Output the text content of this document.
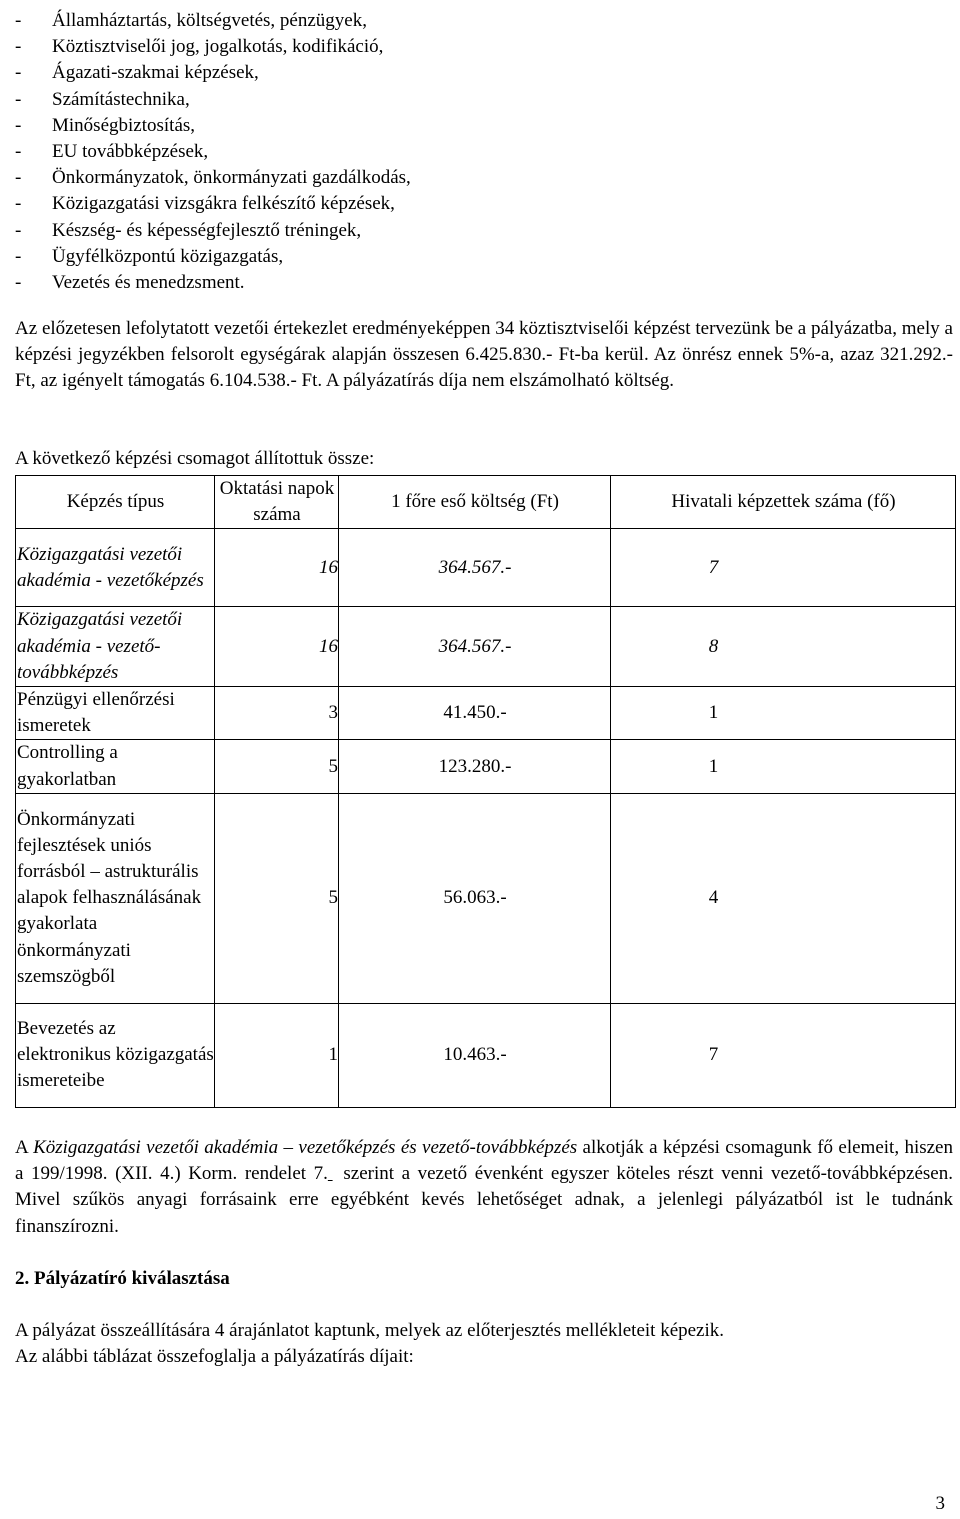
- Államháztartás, költségvetés, pénzügyek,
- Köztisztviselői jog, jogalkotás, kodifikáció,
- Ágazati-szakmai képzések,
- Számítástechnika,
- Minőségbiztosítás,
- EU továbbképzések,
- Önkormányzatok, önkormányzati gazdálkodás,
- Közigazgatási vizsgákra felkészítő képzések,
- Készség- és képességfejlesztő tréningek,
- Ügyfélközpontú közigazgatás,
- Vezetés és menedzsment.

Az előzetesen lefolytatott vezetői értekezlet eredményeképpen 34 köztisztviselői képzést tervezünk be a pályázatba, mely a képzési jegyzékben felsorolt egységárak alapján összesen 6.425.830.- Ft-ba kerül. Az önrész ennek 5%-a, azaz 321.292.- Ft, az igényelt támogatás 6.104.538.- Ft. A pályázatírás díja nem elszámolható költség.

A következő képzési csomagot állítottuk össze:

Képzés típus	Oktatási napok száma	1 főre eső költség (Ft)	Hivatali képzettek száma (fő)
Közigazgatási vezetői akadémia - vezetőképzés	16	364.567.-	7
Közigazgatási vezetői akadémia - vezető-továbbképzés	16	364.567.-	8
Pénzügyi ellenőrzési ismeretek	3	41.450.-	1
Controlling a gyakorlatban	5	123.280.-	1
Önkormányzati fejlesztések uniós forrásból – astrukturális alapok felhasználásának gyakorlata önkormányzati szemszögből	5	56.063.-	4
Bevezetés az elektronikus közigazgatás ismereteibe	1	10.463.-	7

A Közigazgatási vezetői akadémia – vezetőképzés és vezető-továbbképzés alkotják a képzési csomagunk fő elemeit, hiszen a 199/1998. (XII. 4.) Korm. rendelet 7.  szerint a vezető évenként egyszer köteles részt venni vezető-továbbképzésen. Mivel szűkös anyagi forrásaink erre egyébként kevés lehetőséget adnak, a jelenlegi pályázatból ist le tudnánk finanszírozni.

2. Pályázatíró kiválasztása

A pályázat összeállítására 4 árajánlatot kaptunk, melyek az előterjesztés mellékleteit képezik.

Az alábbi táblázat összefoglalja a pályázatírás díjait:

3
